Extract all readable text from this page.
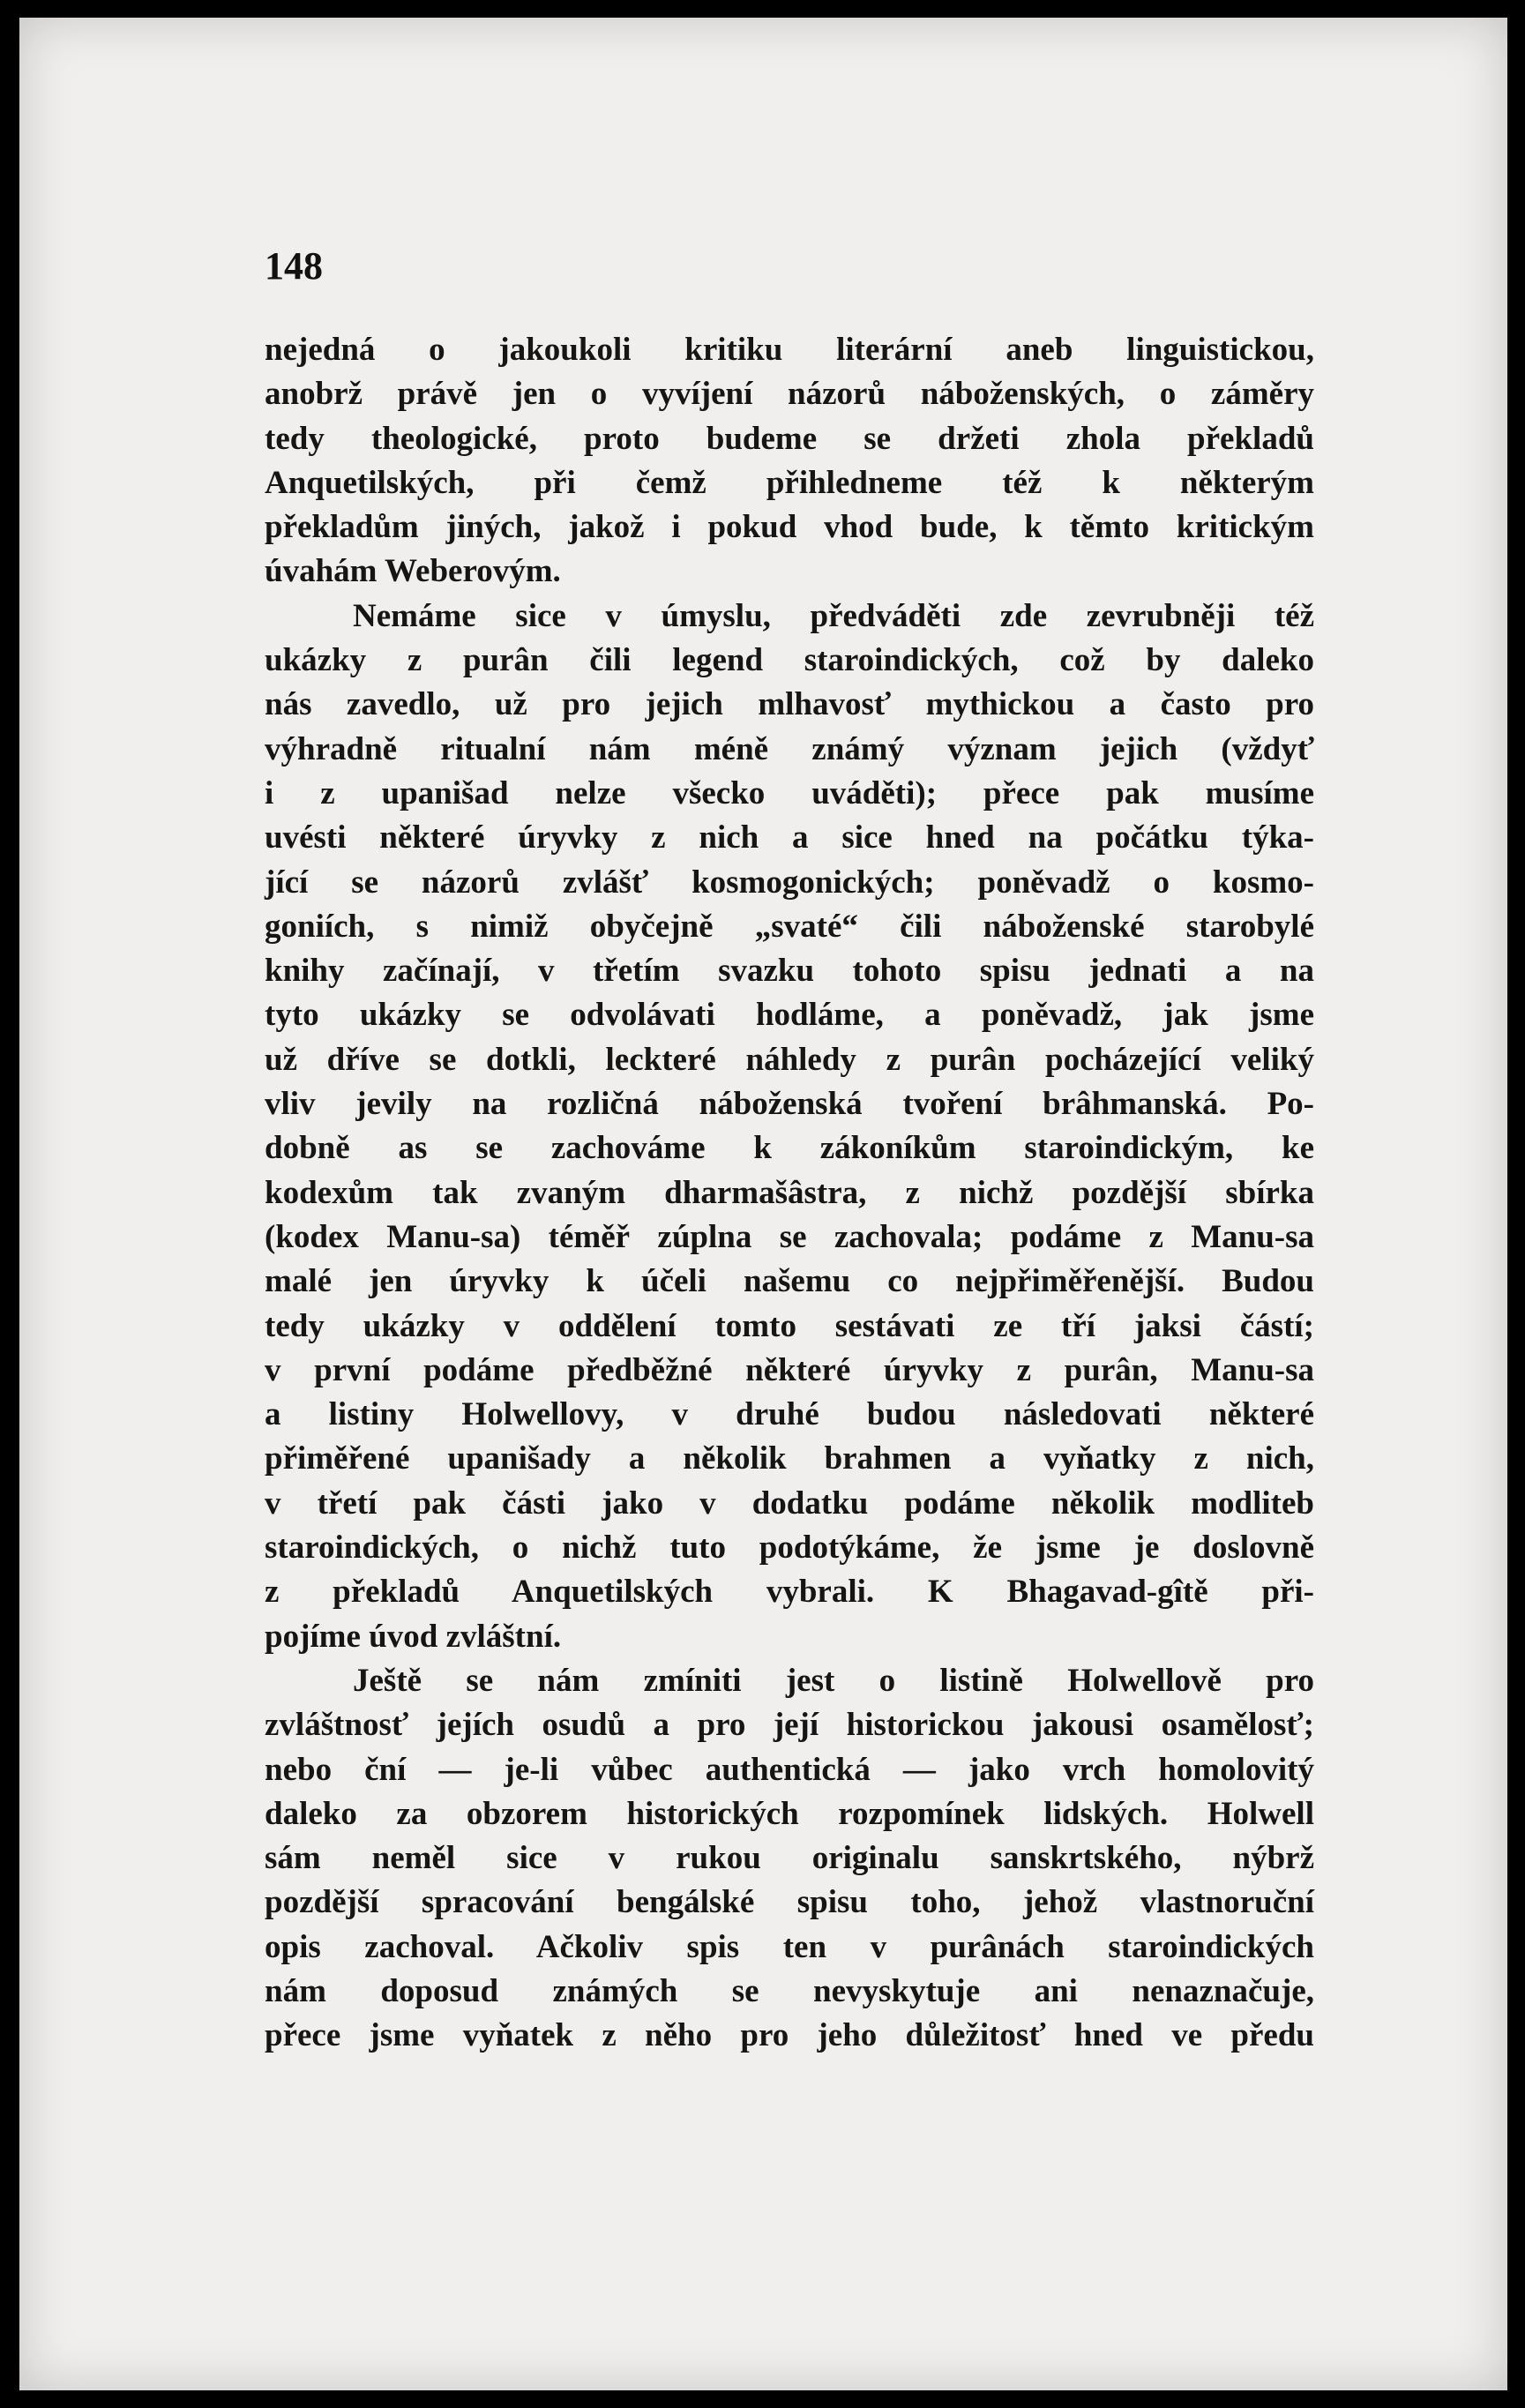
148

nejedná o jakoukoli kritiku literární aneb linguistickou,

anobrž právě jen o vyvíjení názorů náboženských, o záměry

tedy theologické, proto budeme se držeti zhola překladů

Anquetilských, při čemž přihledneme též k některým

překladům jiných, jakož i pokud vhod bude, k těmto kritickým

úvahám Weberovým.

Nemáme sice v úmyslu, předváděti zde zevrubněji též

ukázky z purân čili legend staroindických, což by daleko

nás zavedlo, už pro jejich mlhavosť mythickou a často pro

výhradně ritualní nám méně známý význam jejich (vždyť

i z upanišad nelze všecko uváděti); přece pak musíme

uvésti některé úryvky z nich a sice hned na počátku týka-

jící se názorů zvlášť kosmogonických; poněvadž o kosmo-

goniích, s nimiž obyčejně „svaté“ čili náboženské starobylé

knihy začínají, v třetím svazku tohoto spisu jednati a na

tyto ukázky se odvolávati hodláme, a poněvadž, jak jsme

už dříve se dotkli, leckteré náhledy z purân pocházející veliký

vliv jevily na rozličná náboženská tvoření brâhmanská. Po-

dobně as se zachováme k zákoníkům staroindickým, ke

kodexům tak zvaným dharmašâstra, z nichž pozdější sbírka

(kodex Manu-sa) téměř zúplna se zachovala; podáme z Manu-sa

malé jen úryvky k účeli našemu co nejpřiměřenější. Budou

tedy ukázky v oddělení tomto sestávati ze tří jaksi částí;

v první podáme předběžné některé úryvky z purân, Manu-sa

a listiny Holwellovy, v druhé budou následovati některé

přiměřené upanišady a několik brahmen a vyňatky z nich,

v třetí pak části jako v dodatku podáme několik modliteb

staroindických, o nichž tuto podotýkáme, že jsme je doslovně

z překladů Anquetilských vybrali. K Bhagavad-gîtě při-

pojíme úvod zvláštní.

Ještě se nám zmíniti jest o listině Holwellově pro

zvláštnosť jejích osudů a pro její historickou jakousi osamělosť;

nebo ční — je-li vůbec authentická — jako vrch homolovitý

daleko za obzorem historických rozpomínek lidských. Holwell

sám neměl sice v rukou originalu sanskrtského, nýbrž

pozdější spracování bengálské spisu toho, jehož vlastnoruční

opis zachoval. Ačkoliv spis ten v purânách staroindických

nám doposud známých se nevyskytuje ani nenaznačuje,

přece jsme vyňatek z něho pro jeho důležitosť hned ve předu
